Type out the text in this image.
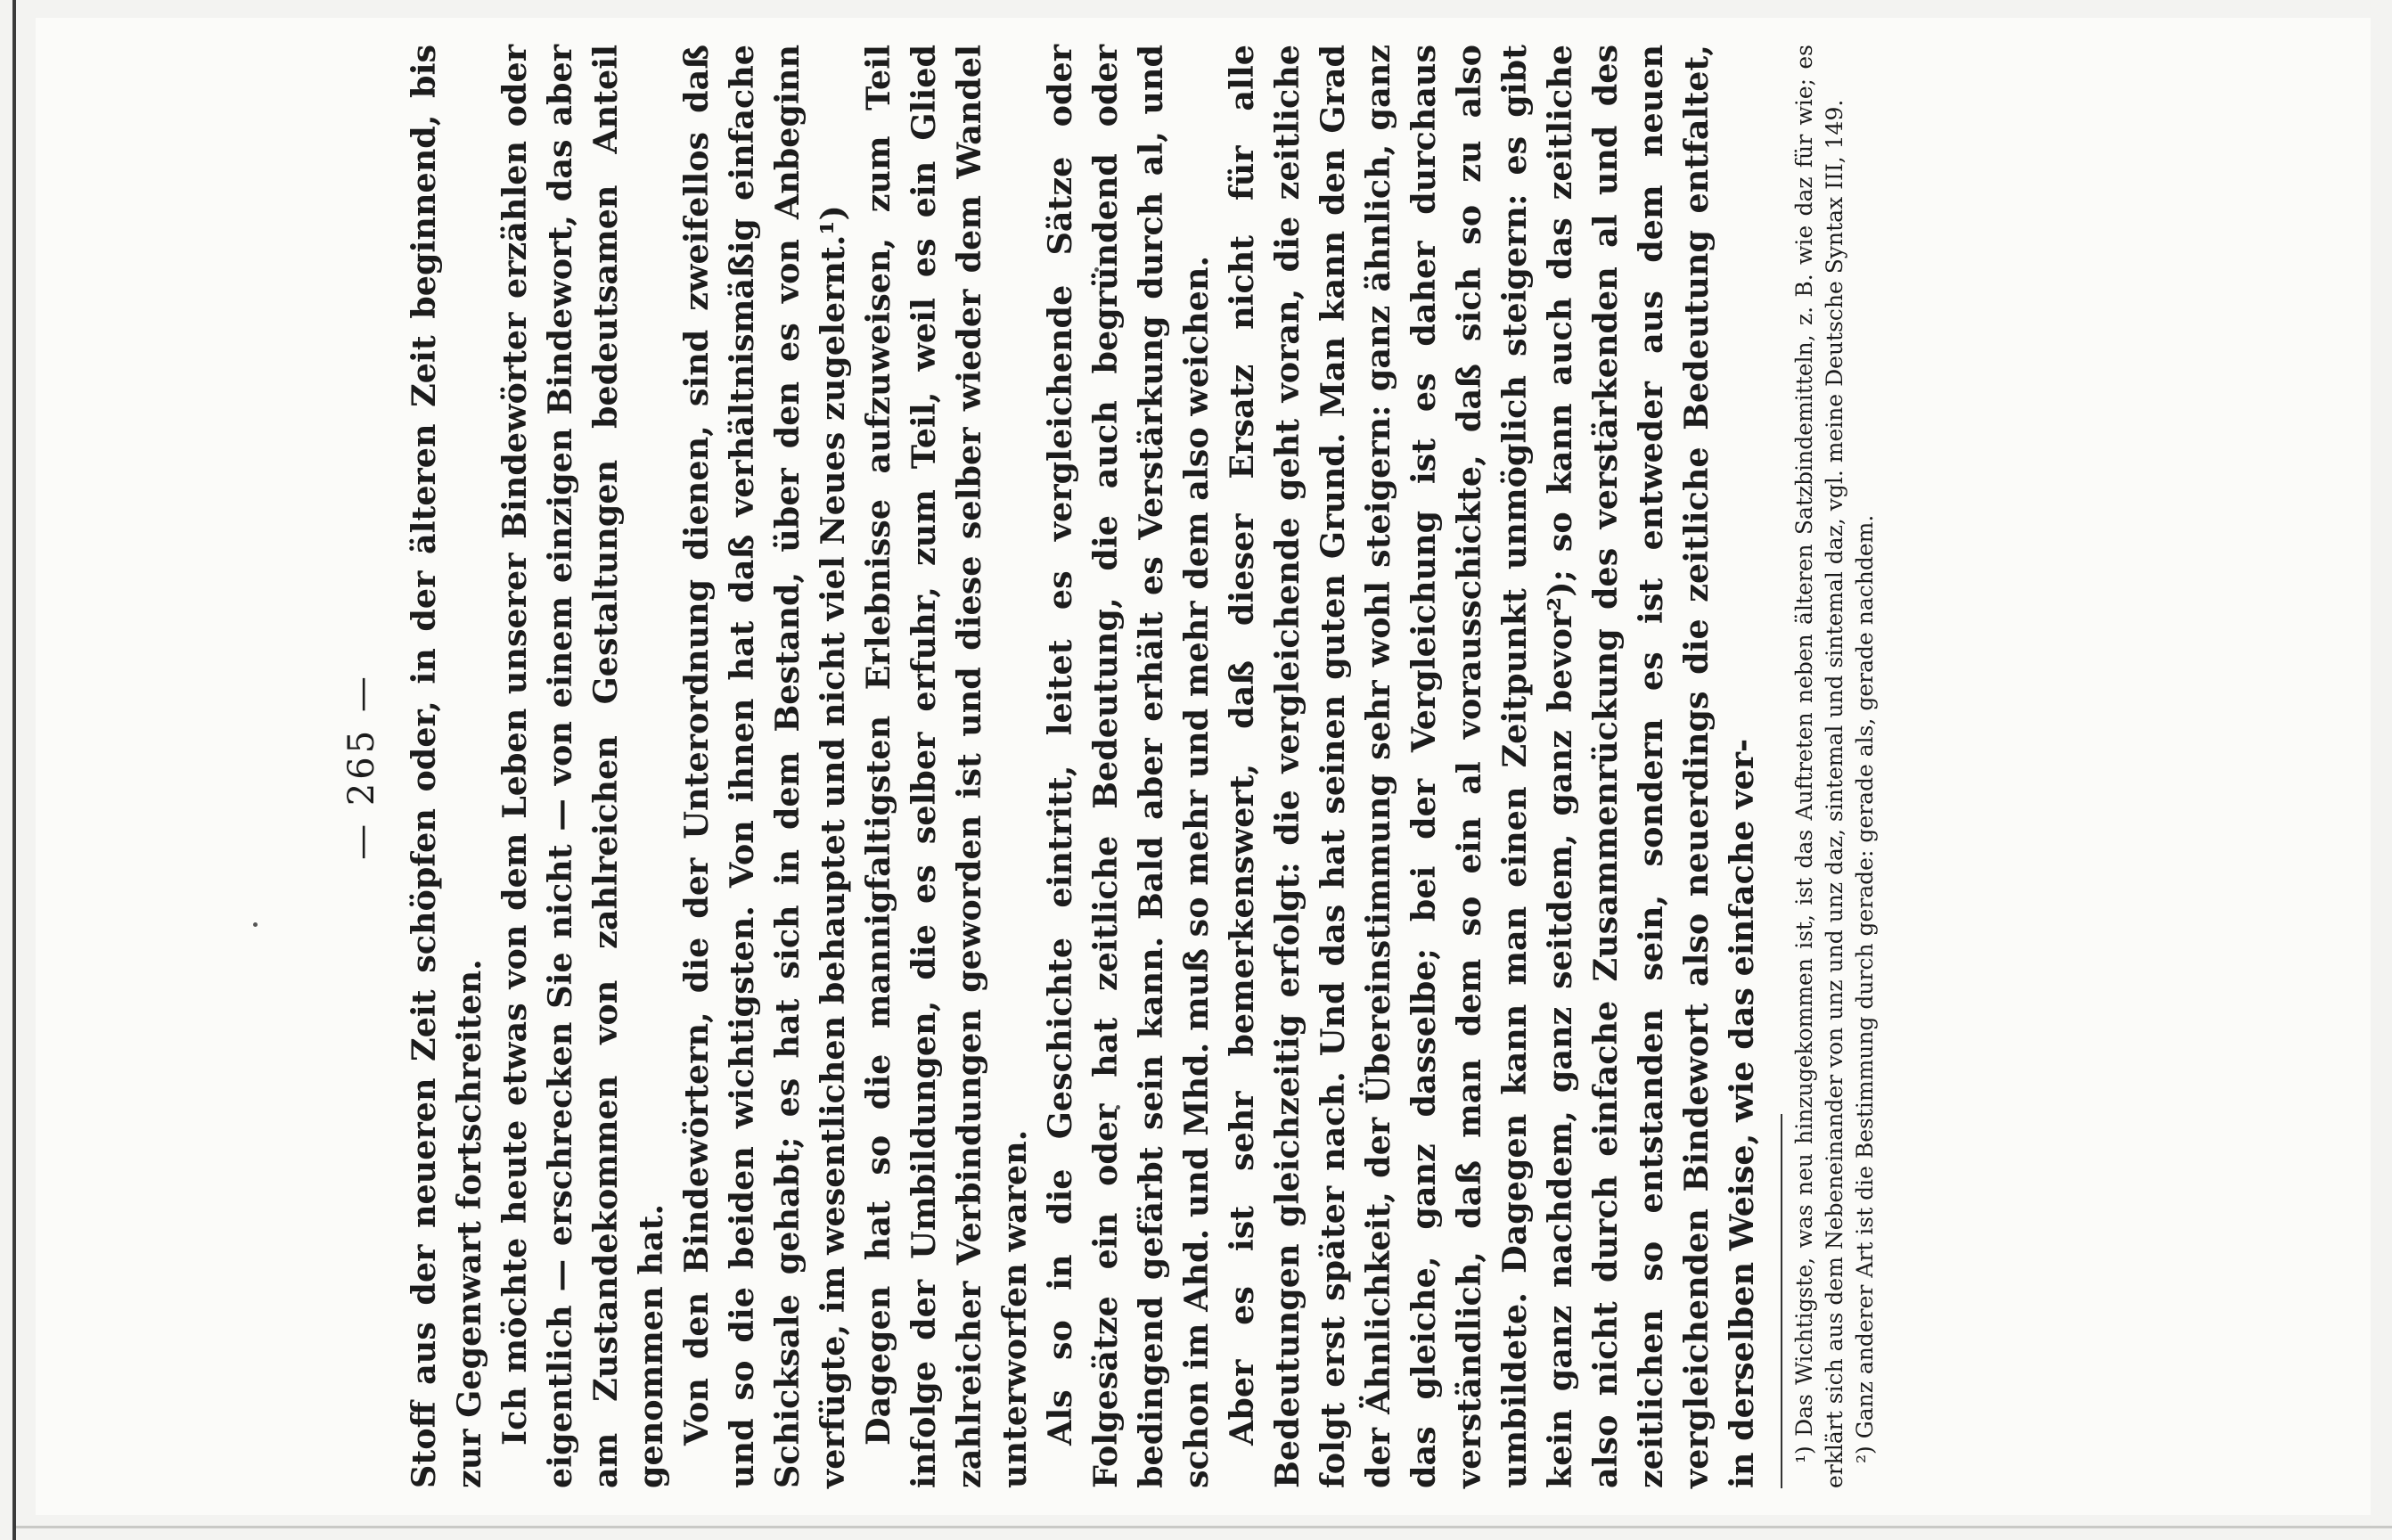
— 265 — Stoff aus der neueren Zeit schöpfen oder, in der älteren Zeit beginnend, bis zur Gegenwart fortschreiten. Ich möchte heute etwas von dem Leben unserer Bindewörter erzählen oder eigentlich — erschrecken Sie nicht — von einem einzigen Bindewort, das aber am Zustandekommen von zahlreichen Gestaltungen bedeutsamen Anteil genommen hat. Von den Bindewörtern, die der Unterordnung dienen, sind zweifellos daß und so die beiden wichtigsten. Von ihnen hat daß verhältnismäßig einfache Schicksale gehabt; es hat sich in dem Bestand, über den es von Anbeginn verfügte, im wesentlichen behauptet und nicht viel Neues zugelernt.¹) Dagegen hat so die mannigfaltigsten Erlebnisse aufzuweisen, zum Teil infolge der Umbildungen, die es selber erfuhr, zum Teil, weil es ein Glied zahlreicher Verbindungen geworden ist und diese selber wieder dem Wandel unterworfen waren. Als so in die Geschichte eintritt, leitet es vergleichende Sätze oder Folgesätze ein oder hat zeitliche Bedeutung, die auch begründend oder bedingend gefärbt sein kann. Bald aber erhält es Verstärkung durch al, und schon im Ahd. und Mhd. muß so mehr und mehr dem also weichen. Aber es ist sehr bemerkenswert, daß dieser Ersatz nicht für alle Bedeutungen gleichzeitig erfolgt: die vergleichende geht voran, die zeitliche folgt erst später nach. Und das hat seinen guten Grund. Man kann den Grad der Ähnlichkeit, der Übereinstimmung sehr wohl steigern: ganz ähnlich, ganz das gleiche, ganz dasselbe; bei der Vergleichung ist es daher durchaus verständlich, daß man dem so ein al vorausschickte, daß sich so zu also umbildete. Dagegen kann man einen Zeitpunkt unmöglich steigern: es gibt kein ganz nachdem, ganz seitdem, ganz bevor²); so kann auch das zeitliche also nicht durch einfache Zusammenrückung des verstärkenden al und des zeitlichen so entstanden sein, sondern es ist entweder aus dem neuen vergleichenden Bindewort also neuerdings die zeitliche Bedeutung entfaltet, in derselben Weise, wie das einfache ver- ¹) Das Wichtigste, was neu hinzugekommen ist, ist das Auftreten neben älteren Satzbindemitteln, z. B. wie daz für wie; es erklärt sich aus dem Nebeneinander von unz und unz daz, sintemal und sintemal daz, vgl. meine Deutsche Syntax III, 149. ²) Ganz anderer Art ist die Bestimmung durch gerade: gerade als, gerade nachdem.
